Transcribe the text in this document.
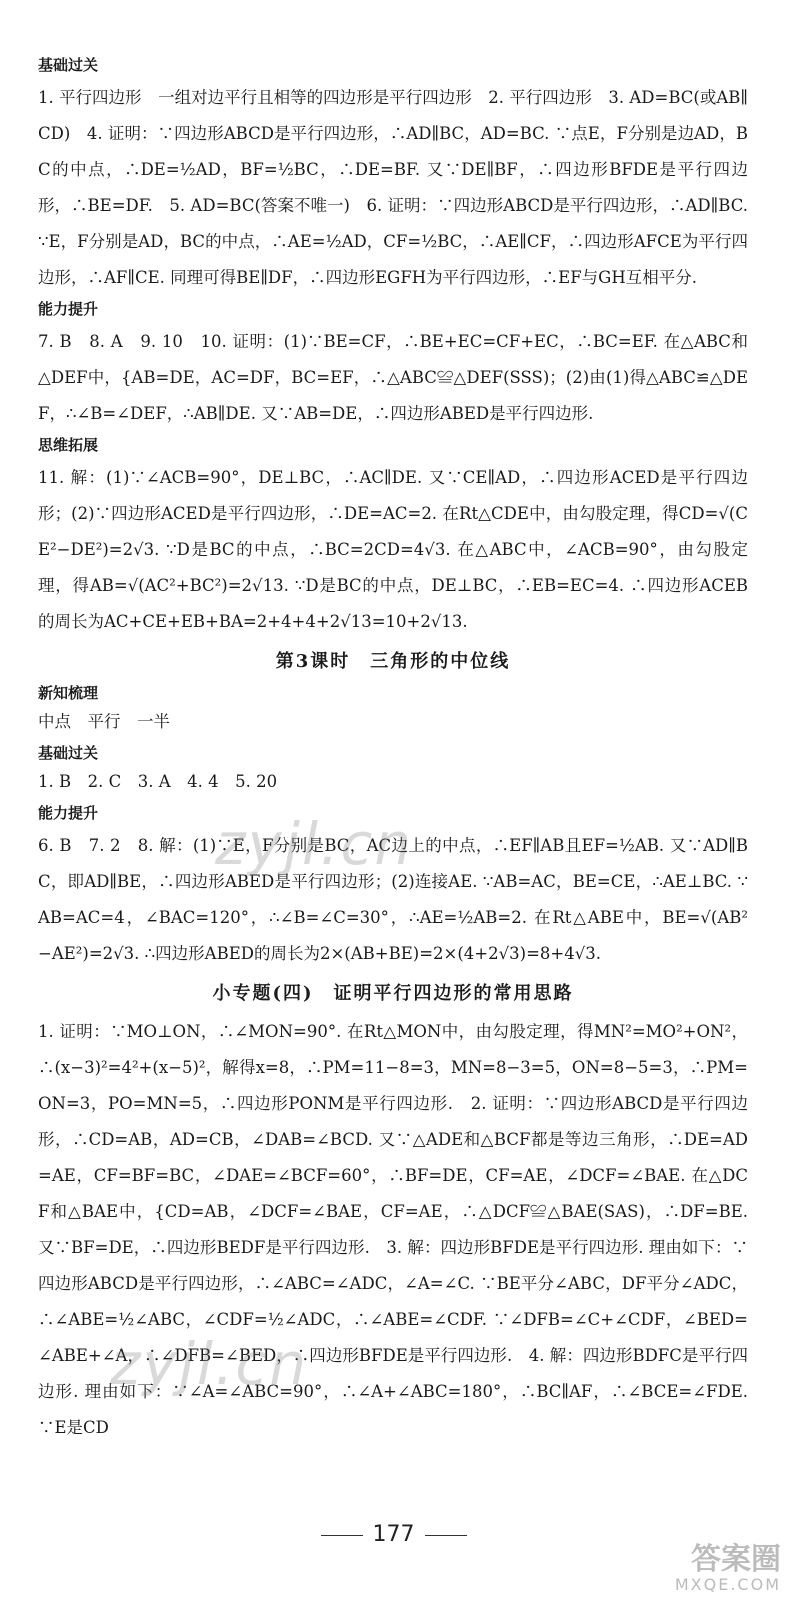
基础过关

1. 平行四边形　一组对边平行且相等的四边形是平行四边形　2. 平行四边形　3. AD=BC(或AB∥CD)　4. 证明：∵四边形ABCD是平行四边形，∴AD∥BC，AD=BC. ∵点E，F分别是边AD，BC的中点，∴DE=½AD，BF=½BC，∴DE=BF. 又∵DE∥BF，∴四边形BFDE是平行四边形，∴BE=DF.　5. AD=BC(答案不唯一)　6. 证明：∵四边形ABCD是平行四边形，∴AD∥BC. ∵E，F分别是AD，BC的中点，∴AE=½AD，CF=½BC，∴AE∥CF，∴四边形AFCE为平行四边形，∴AF∥CE. 同理可得BE∥DF，∴四边形EGFH为平行四边形，∴EF与GH互相平分.

能力提升

7. B　8. A　9. 10　10. 证明：(1)∵BE=CF，∴BE+EC=CF+EC，∴BC=EF. 在△ABC和△DEF中，{AB=DE，AC=DF，BC=EF，∴△ABC≌△DEF(SSS)；(2)由(1)得△ABC≌△DEF，∴∠B=∠DEF，∴AB∥DE. 又∵AB=DE，∴四边形ABED是平行四边形.

思维拓展

11. 解：(1)∵∠ACB=90°，DE⊥BC，∴AC∥DE. 又∵CE∥AD，∴四边形ACED是平行四边形；(2)∵四边形ACED是平行四边形，∴DE=AC=2. 在Rt△CDE中，由勾股定理，得CD=√(CE²−DE²)=2√3. ∵D是BC的中点，∴BC=2CD=4√3. 在△ABC中，∠ACB=90°，由勾股定理，得AB=√(AC²+BC²)=2√13. ∵D是BC的中点，DE⊥BC，∴EB=EC=4. ∴四边形ACEB的周长为AC+CE+EB+BA=2+4+4+2√13=10+2√13.

第3课时　三角形的中位线
新知梳理
中点　平行　一半
基础过关
1. B　2. C　3. A　4. 4　5. 20
能力提升

6. B　7. 2　8. 解：(1)∵E，F分别是BC，AC边上的中点，∴EF∥AB且EF=½AB. 又∵AD∥BC，即AD∥BE，∴四边形ABED是平行四边形；(2)连接AE. ∵AB=AC，BE=CE，∴AE⊥BC. ∵AB=AC=4，∠BAC=120°，∴∠B=∠C=30°，∴AE=½AB=2. 在Rt△ABE中，BE=√(AB²−AE²)=2√3. ∴四边形ABED的周长为2×(AB+BE)=2×(4+2√3)=8+4√3.

小专题(四)　证明平行四边形的常用思路

1. 证明：∵MO⊥ON，∴∠MON=90°. 在Rt△MON中，由勾股定理，得MN²=MO²+ON²，∴(x−3)²=4²+(x−5)²，解得x=8，∴PM=11−8=3，MN=8−3=5，ON=8−5=3，∴PM=ON=3，PO=MN=5，∴四边形PONM是平行四边形.　2. 证明：∵四边形ABCD是平行四边形，∴CD=AB，AD=CB，∠DAB=∠BCD. 又∵△ADE和△BCF都是等边三角形，∴DE=AD=AE，CF=BF=BC，∠DAE=∠BCF=60°，∴BF=DE，CF=AE，∠DCF=∠BAE. 在△DCF和△BAE中，{CD=AB，∠DCF=∠BAE，CF=AE，∴△DCF≌△BAE(SAS)，∴DF=BE. 又∵BF=DE，∴四边形BEDF是平行四边形.　3. 解：四边形BFDE是平行四边形. 理由如下：∵四边形ABCD是平行四边形，∴∠ABC=∠ADC，∠A=∠C. ∵BE平分∠ABC，DF平分∠ADC，∴∠ABE=½∠ABC，∠CDF=½∠ADC，∴∠ABE=∠CDF. ∵∠DFB=∠C+∠CDF，∠BED=∠ABE+∠A，∴∠DFB=∠BED，∴四边形BFDE是平行四边形.　4. 解：四边形BDFC是平行四边形. 理由如下：∵∠A=∠ABC=90°，∴∠A+∠ABC=180°，∴BC∥AF，∴∠BCE=∠FDE. ∵E是CD

zyjl.cn
zyjl.cn
177
答案圈
MXQE.COM
